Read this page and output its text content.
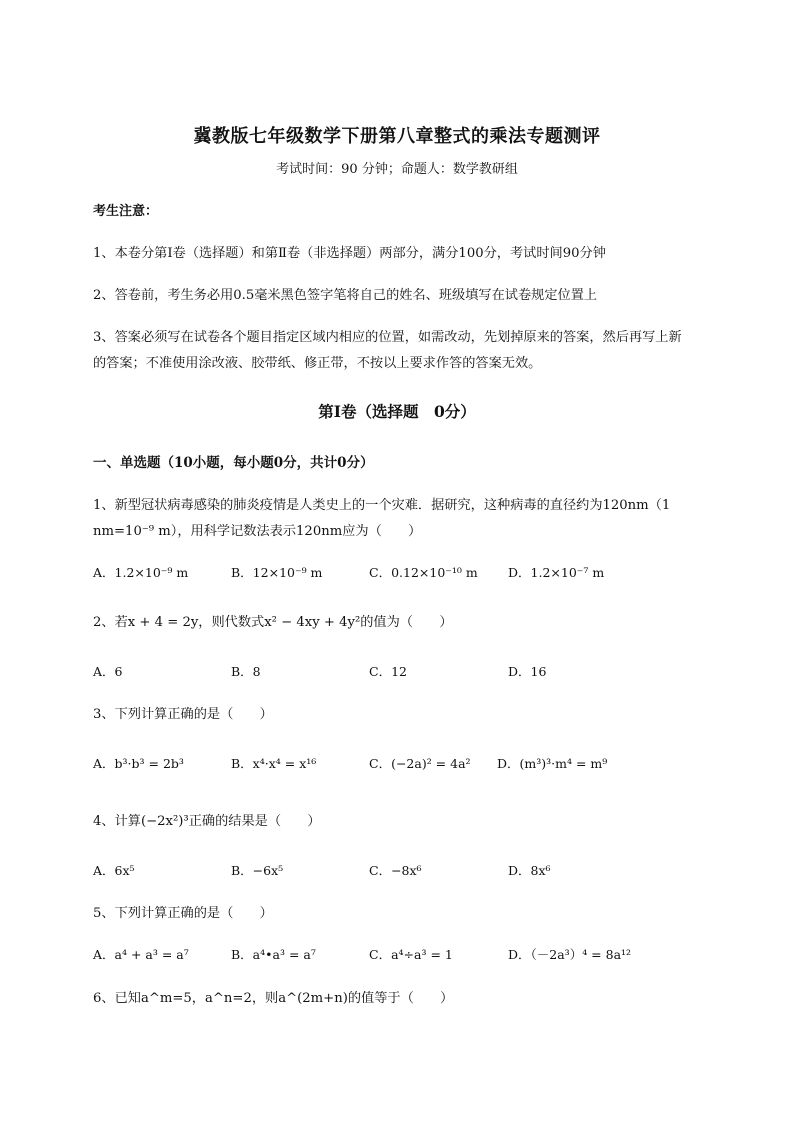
冀教版七年级数学下册第八章整式的乘法专题测评
考试时间：90 分钟；命题人：数学教研组
考生注意：
1、本卷分第Ⅰ卷（选择题）和第Ⅱ卷（非选择题）两部分，满分100分，考试时间90分钟
2、答卷前，考生务必用0.5毫米黑色签字笔将自己的姓名、班级填写在试卷规定位置上
3、答案必须写在试卷各个题目指定区域内相应的位置，如需改动，先划掉原来的答案，然后再写上新
的答案；不准使用涂改液、胶带纸、修正带，不按以上要求作答的答案无效。
第Ⅰ卷（选择题　0分）
一、单选题（10小题，每小题0分，共计0分）
1、新型冠状病毒感染的肺炎疫情是人类史上的一个灾难．据研究，这种病毒的直径约为120nm（1
nm=10⁻⁹ m），用科学记数法表示120nm应为（　　）
A．1.2×10⁻⁹ m	B．12×10⁻⁹ m	C．0.12×10⁻¹⁰ m D．1.2×10⁻⁷ m
2、若x + 4 = 2y，则代数式x² − 4xy + 4y²的值为（　　）
A．6	B．8	C．12	D．16
3、下列计算正确的是（　　）
A．b³·b³ = 2b³	B．x⁴·x⁴ = x¹⁶	C．(−2a)² = 4a² D．(m³)³·m⁴ = m⁹
4、计算(−2x²)³正确的结果是（　　）
A．6x⁵	B．−6x⁵	C．−8x⁶	D．8x⁶
5、下列计算正确的是（　　）
A．a⁴ + a³ = a⁷	B．a⁴•a³ = a⁷	C．a⁴÷a³ = 1	D．（－2a³）⁴ = 8a¹²
6、已知a^m=5，a^n=2，则a^(2m+n)的值等于（　　）
